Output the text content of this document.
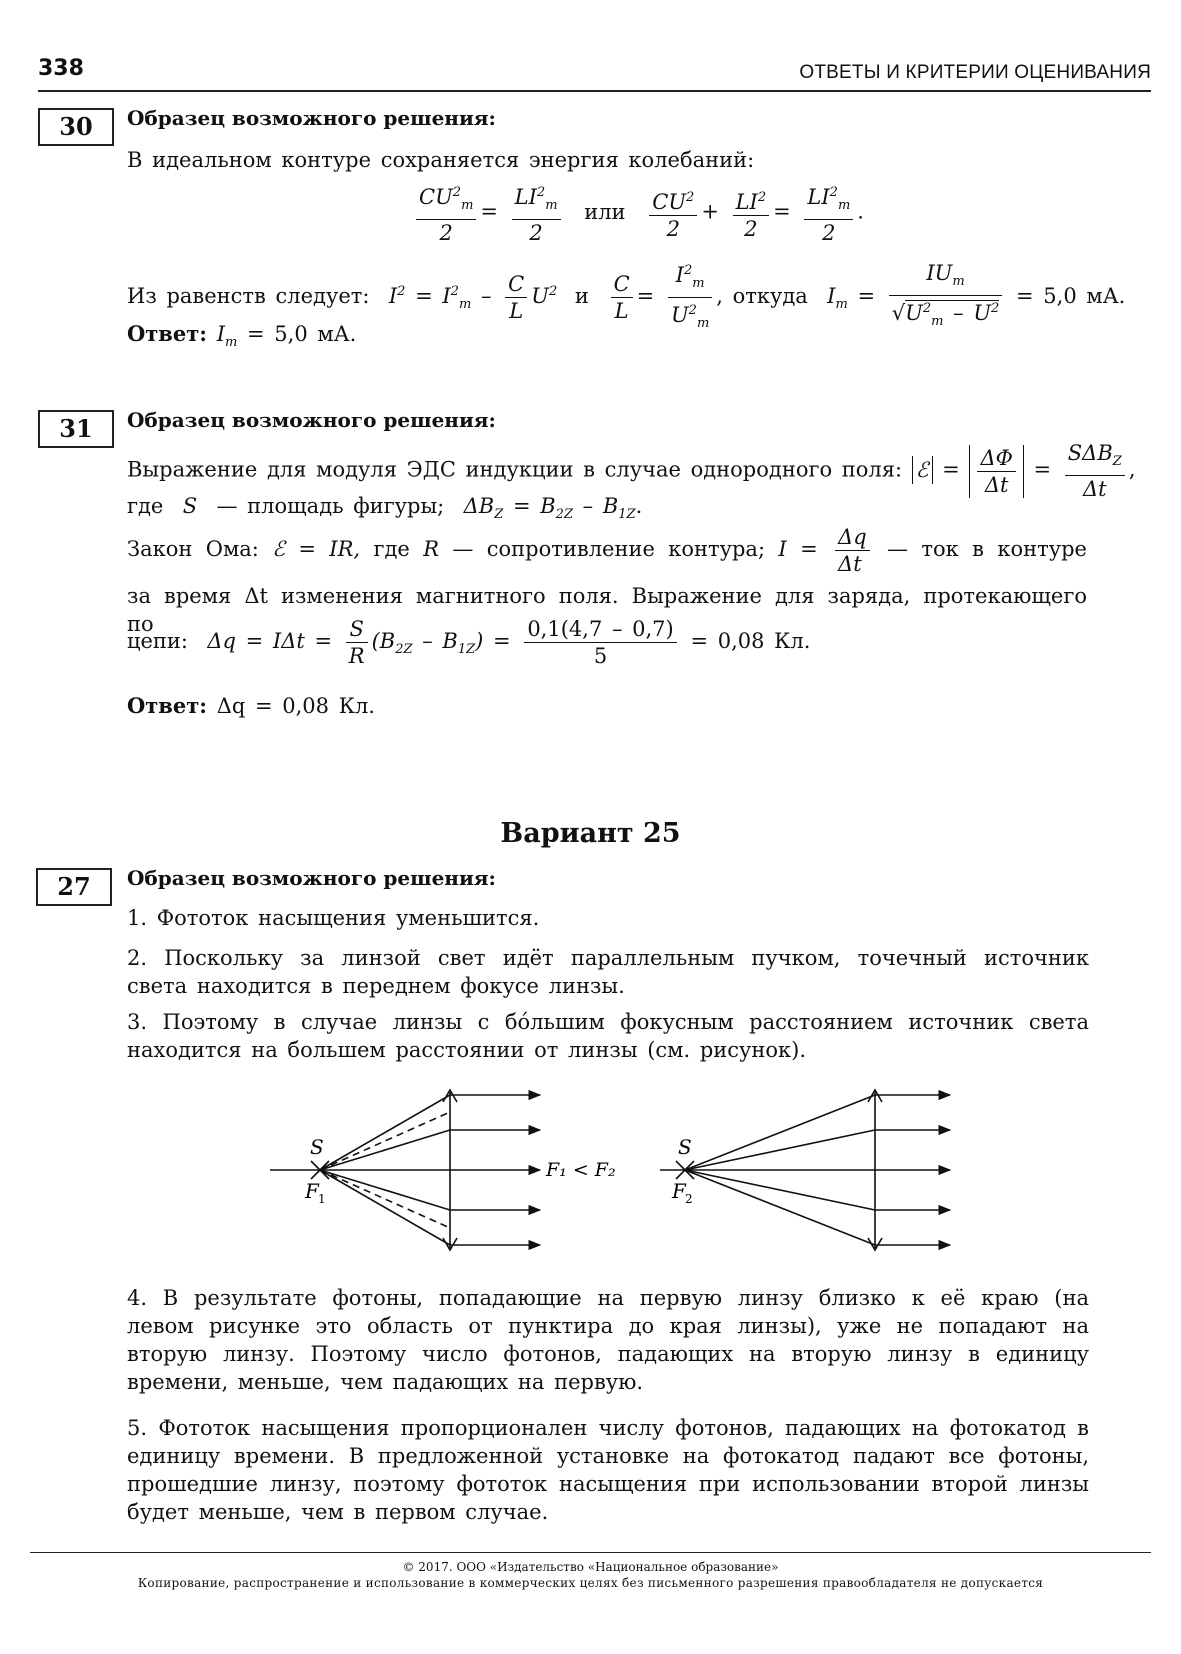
338	ОТВЕТЫ И КРИТЕРИИ ОЦЕНИВАНИЯ
30	Образец возможного решения:
В идеальном контуре сохраняется энергия колебаний:
$\frac{CU^2_m}{2} = \frac{LI^2_m}{2}$ или $\frac{CU^2}{2} + \frac{LI^2}{2} = \frac{LI^2_m}{2}$ .
Из равенств следует:  $I^2 = I^2_m - \frac{C}{L} U^2$ и $\frac{C}{L} = \frac{I^2_m}{U^2_m}$ , откуда  $I_m = \frac{IU_m}{√U^2_m - U^2} = 5,0$ мА.
Ответ: $I_m = 5,0$ мА.
31	Образец возможного решения:
Выражение для модуля ЭДС индукции в случае однородного поля: ℰ = $\frac{\Delta\Phi}{\Delta t} = \frac{S\Delta B_Z}{\Delta t}$ ,
где  S  — площадь фигуры;  $\Delta B_Z = B_{2Z} - B_{1Z}$.
Закон Ома: ℰ = IR, где R — сопротивление контура; $I = \frac{\Delta q}{\Delta t}$ — ток в контуре
за время Δt изменения магнитного поля. Выражение для заряда, протекающего по
цепи:  $\Delta q = I\Delta t = \frac{S}{R} (B_{2Z} - B_{1Z}) = \frac{0,1(4,7 - 0,7)}{5} = 0,08$ Кл.
Ответ: Δq = 0,08 Кл.
Вариант 25
27	Образец возможного решения:
1. Фототок насыщения уменьшится.
2. Поскольку за линзой свет идёт параллельным пучком, точечный источник света находится в переднем фокусе линзы.
3. Поэтому в случае линзы с бóльшим фокусным расстоянием источник света находится на большем расстоянии от линзы (см. рисунок).
S
F 1
F₁ < F₂
S
F 2
4. В результате фотоны, попадающие на первую линзу близко к её краю (на левом рисунке это область от пунктира до края линзы), уже не попадают на вторую линзу. Поэтому число фотонов, падающих на вторую линзу в единицу времени, меньше, чем падающих на первую.
5. Фототок насыщения пропорционален числу фотонов, падающих на фотокатод в единицу времени. В предложенной установке на фотокатод падают все фотоны, прошедшие линзу, поэтому фототок насыщения при использовании второй линзы будет меньше, чем в первом случае.
© 2017. ООО «Издательство «Национальное образование»
Копирование, распространение и использование в коммерческих целях без письменного разрешения правообладателя не допускается
